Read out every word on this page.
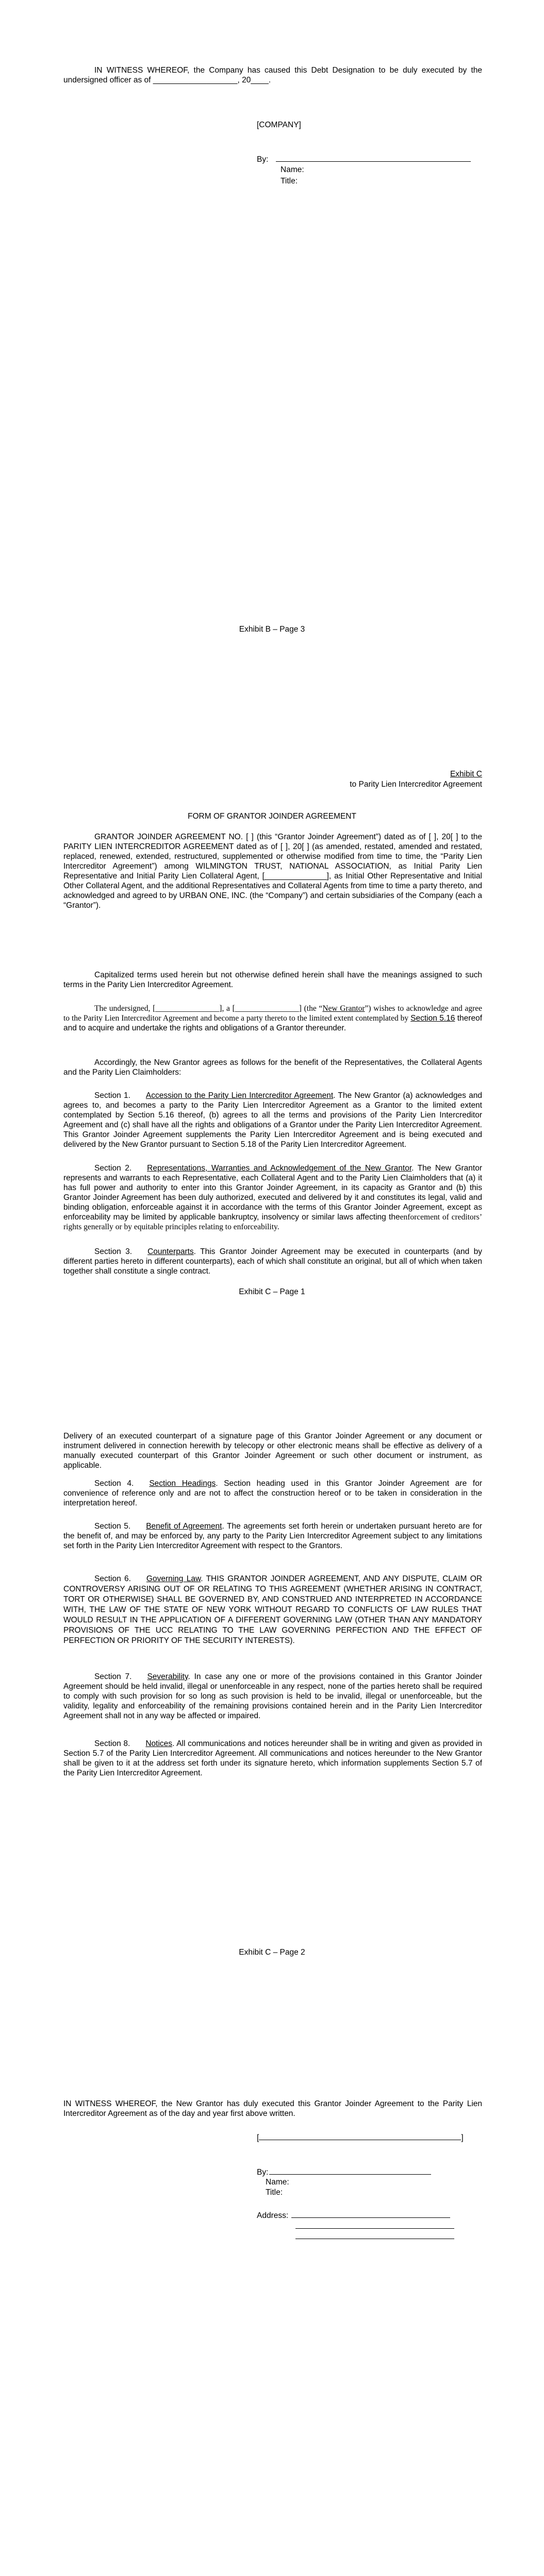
IN WITNESS WHEREOF, the Company has caused this Debt Designation to be duly executed by the undersigned officer as of ___________________, 20____.
[COMPANY]
By:
Name:
Title:
Exhibit B – Page 3
Exhibit C
to Parity Lien Intercreditor Agreement
FORM OF GRANTOR JOINDER AGREEMENT
GRANTOR JOINDER AGREEMENT NO. [ ] (this “Grantor Joinder Agreement”) dated as of [ ], 20[ ] to the PARITY LIEN INTERCREDITOR AGREEMENT dated as of [ ], 20[ ] (as amended, restated, amended and restated, replaced, renewed, extended, restructured, supplemented or otherwise modified from time to time, the “Parity Lien Intercreditor Agreement”) among WILMINGTON TRUST, NATIONAL ASSOCIATION, as Initial Parity Lien Representative and Initial Parity Lien Collateral Agent, [______________], as Initial Other Representative and Initial Other Collateral Agent, and the additional Representatives and Collateral Agents from time to time a party thereto, and acknowledged and agreed to by URBAN ONE, INC. (the “Company”) and certain subsidiaries of the Company (each a “Grantor”).
Capitalized terms used herein but not otherwise defined herein shall have the meanings assigned to such terms in the Parity Lien Intercreditor Agreement.
The undersigned, [________________], a [________________] (the “New Grantor”) wishes to acknowledge and agree to the Parity Lien Intercreditor Agreement and become a party thereto to the limited extent contemplated by Section 5.16 thereof and to acquire and undertake the rights and obligations of a Grantor thereunder.
Accordingly, the New Grantor agrees as follows for the benefit of the Representatives, the Collateral Agents and the Parity Lien Claimholders:
Section 1. Accession to the Parity Lien Intercreditor Agreement. The New Grantor (a) acknowledges and agrees to, and becomes a party to the Parity Lien Intercreditor Agreement as a Grantor to the limited extent contemplated by Section 5.16 thereof, (b) agrees to all the terms and provisions of the Parity Lien Intercreditor Agreement and (c) shall have all the rights and obligations of a Grantor under the Parity Lien Intercreditor Agreement. This Grantor Joinder Agreement supplements the Parity Lien Intercreditor Agreement and is being executed and delivered by the New Grantor pursuant to Section 5.18 of the Parity Lien Intercreditor Agreement.
Section 2. Representations, Warranties and Acknowledgement of the New Grantor. The New Grantor represents and warrants to each Representative, each Collateral Agent and to the Parity Lien Claimholders that (a) it has full power and authority to enter into this Grantor Joinder Agreement, in its capacity as Grantor and (b) this Grantor Joinder Agreement has been duly authorized, executed and delivered by it and constitutes its legal, valid and binding obligation, enforceable against it in accordance with the terms of this Grantor Joinder Agreement, except as enforceability may be limited by applicable bankruptcy, insolvency or similar laws affecting theenforcement of creditors’ rights generally or by equitable principles relating to enforceability.
Section 3. Counterparts. This Grantor Joinder Agreement may be executed in counterparts (and by different parties hereto in different counterparts), each of which shall constitute an original, but all of which when taken together shall constitute a single contract.
Exhibit C – Page 1
Delivery of an executed counterpart of a signature page of this Grantor Joinder Agreement or any document or instrument delivered in connection herewith by telecopy or other electronic means shall be effective as delivery of a manually executed counterpart of this Grantor Joinder Agreement or such other document or instrument, as applicable.
Section 4. Section Headings. Section heading used in this Grantor Joinder Agreement are for convenience of reference only and are not to affect the construction hereof or to be taken in consideration in the interpretation hereof.
Section 5. Benefit of Agreement. The agreements set forth herein or undertaken pursuant hereto are for the benefit of, and may be enforced by, any party to the Parity Lien Intercreditor Agreement subject to any limitations set forth in the Parity Lien Intercreditor Agreement with respect to the Grantors.
Section 6. Governing Law. THIS GRANTOR JOINDER AGREEMENT, AND ANY DISPUTE, CLAIM OR CONTROVERSY ARISING OUT OF OR RELATING TO THIS AGREEMENT (WHETHER ARISING IN CONTRACT, TORT OR OTHERWISE) SHALL BE GOVERNED BY, AND CONSTRUED AND INTERPRETED IN ACCORDANCE WITH, THE LAW OF THE STATE OF NEW YORK WITHOUT REGARD TO CONFLICTS OF LAW RULES THAT WOULD RESULT IN THE APPLICATION OF A DIFFERENT GOVERNING LAW (OTHER THAN ANY MANDATORY PROVISIONS OF THE UCC RELATING TO THE LAW GOVERNING PERFECTION AND THE EFFECT OF PERFECTION OR PRIORITY OF THE SECURITY INTERESTS).
Section 7. Severability. In case any one or more of the provisions contained in this Grantor Joinder Agreement should be held invalid, illegal or unenforceable in any respect, none of the parties hereto shall be required to comply with such provision for so long as such provision is held to be invalid, illegal or unenforceable, but the validity, legality and enforceability of the remaining provisions contained herein and in the Parity Lien Intercreditor Agreement shall not in any way be affected or impaired.
Section 8. Notices. All communications and notices hereunder shall be in writing and given as provided in Section 5.7 of the Parity Lien Intercreditor Agreement. All communications and notices hereunder to the New Grantor shall be given to it at the address set forth under its signature hereto, which information supplements Section 5.7 of the Parity Lien Intercreditor Agreement.
Exhibit C – Page 2
IN WITNESS WHEREOF, the New Grantor has duly executed this Grantor Joinder Agreement to the Parity Lien Intercreditor Agreement as of the day and year first above written.
[	]
By:
Name:
Title:
Address:
